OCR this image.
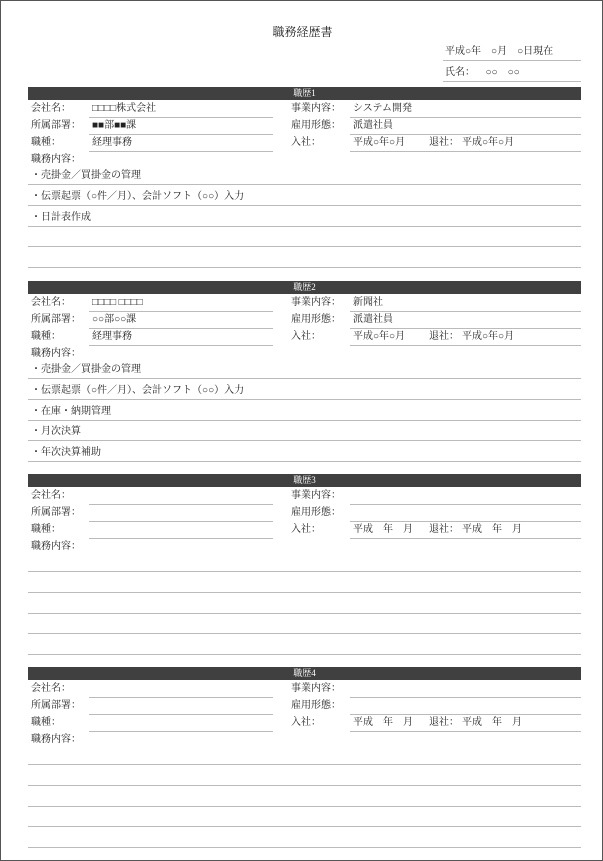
職務経歴書
平成○年　○月　○日現在
氏名： ○○　○○
職歴1
会社名：	□□□□株式会社	事業内容：	システム開発
所属部署：	■■部■■課	雇用形態：	派遣社員
職種：	経理事務	入社：	平成○年○月 退社： 平成○年○月
職務内容：
・売掛金／買掛金の管理
・伝票起票（○件／月）、会計ソフト（○○）入力
・日計表作成
職歴2
会社名：	□□□□ □□□□	事業内容：	新聞社
所属部署：	○○部○○課	雇用形態：	派遣社員
職種：	経理事務	入社：	平成○年○月 退社： 平成○年○月
職務内容：
・売掛金／買掛金の管理
・伝票起票（○件／月）、会計ソフト（○○）入力
・在庫・納期管理
・月次決算
・年次決算補助
職歴3
会社名：	事業内容：
所属部署：	雇用形態：
職種：	入社：	平成　年　月 退社： 平成　年　月
職務内容：
職歴4
会社名：	事業内容：
所属部署：	雇用形態：
職種：	入社：	平成　年　月 退社： 平成　年　月
職務内容：
